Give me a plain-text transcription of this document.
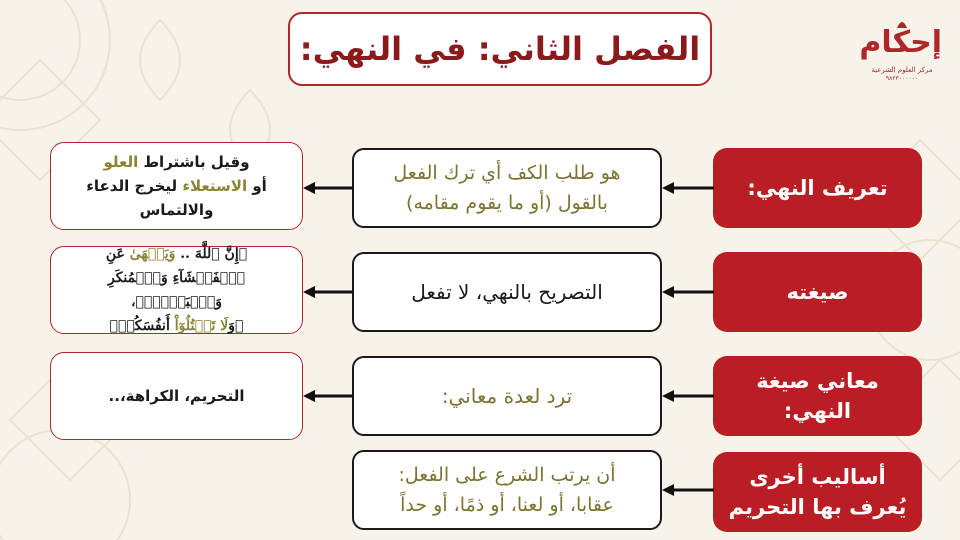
الفصل الثاني: في النهي:	إحكام
مركز العلوم الشرعية
٩٨٢٣٠٠٠٠٠٠
تعريف النهي:
هو طلب الكف أي ترك الفعل
بالقول (أو ما يقوم مقامه)
وقيل باشتراط العلو
أو الاستعلاء ليخرج الدعاء
والالتماس
صيغته
التصريح بالنهي، لا تفعل
﴿إِنَّ ٱللَّهَ .. وَيَنۡهَىٰ عَنِ
ٱلۡفَحۡشَآءِ وَٱلۡمُنكَرِ وَٱلۡبَغۡيِۚ﴾،
﴿وَلَا تَقۡتُلُوٓاْ أَنفُسَكُمۡ﴾
معاني صيغة
النهي:
ترد لعدة معاني:
التحريم، الكراهة،..
أساليب أخرى
يُعرف بها التحريم
أن يرتب الشرع على الفعل:
عقابا، أو لعنا، أو ذمًا، أو حداً
